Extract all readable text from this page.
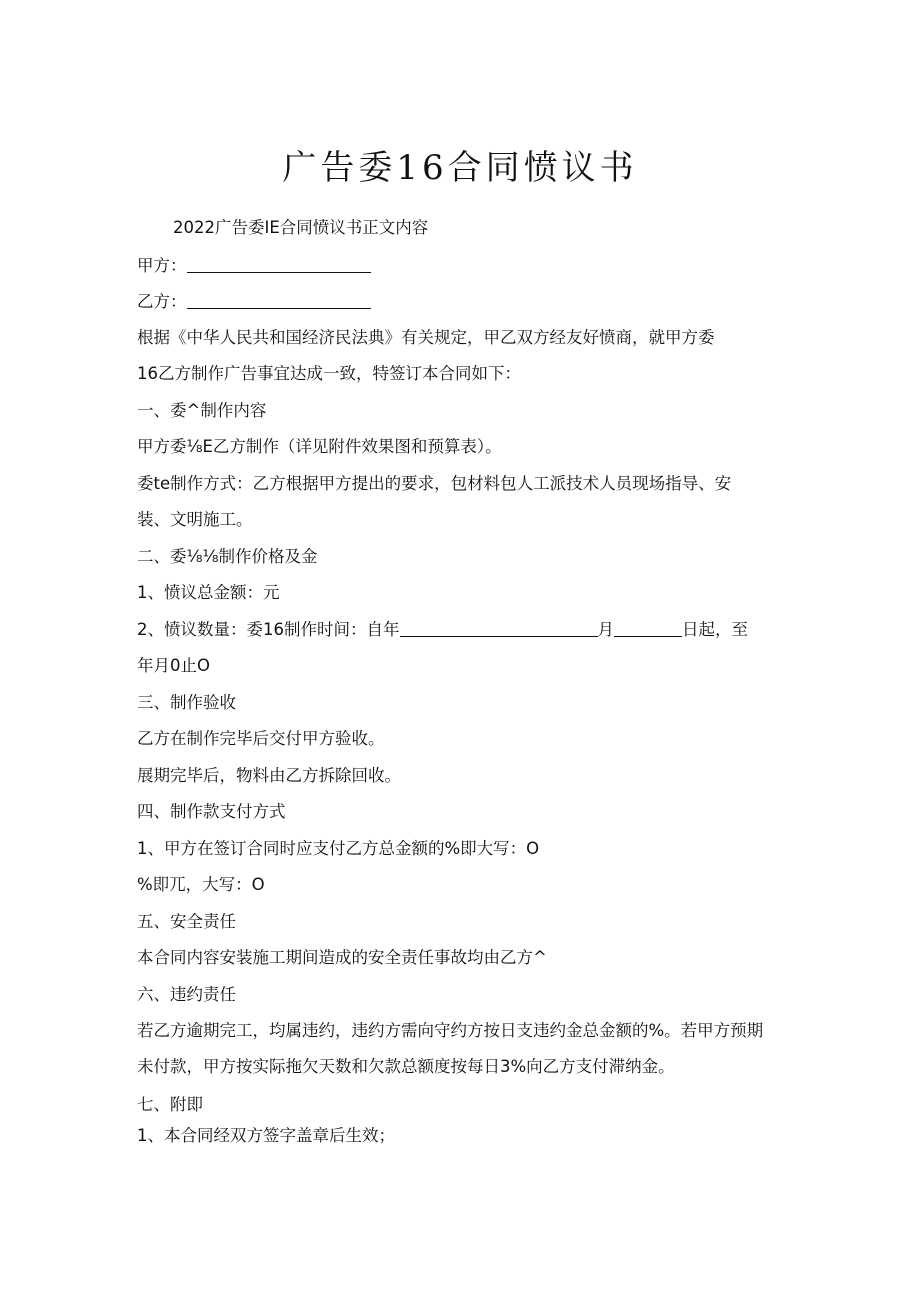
广告委16合同愤议书
2022广告委IE合同愤议书正文内容
甲方：
乙方：
根据《中华人民共和国经济民法典》有关规定，甲乙双方经友好愤商，就甲方委
16乙方制作广告事宜达成一致，特签订本合同如下：
一、委^制作内容
甲方委⅛E乙方制作（详见附件效果图和预算表）。
委te制作方式：乙方根据甲方提出的要求，包材料包人工派技术人员现场指导、安
装、文明施工。
二、委⅛⅛制作价格及金
1、愤议总金额：元
2、愤议数量：委16制作时间：自年	月	日起，至
年月0止O
三、制作验收
乙方在制作完毕后交付甲方验收。
展期完毕后，物料由乙方拆除回收。
四、制作款支付方式
1、甲方在签订合同时应支付乙方总金额的%即大写：O
%即兀，大写：O
五、安全责任
本合同内容安装施工期间造成的安全责任事故均由乙方^
六、违约责任
若乙方逾期完工，均属违约，违约方需向守约方按日支违约金总金额的%。若甲方预期
未付款，甲方按实际拖欠天数和欠款总额度按每日3%向乙方支付滞纳金。
七、附即
1、本合同经双方签字盖章后生效；
